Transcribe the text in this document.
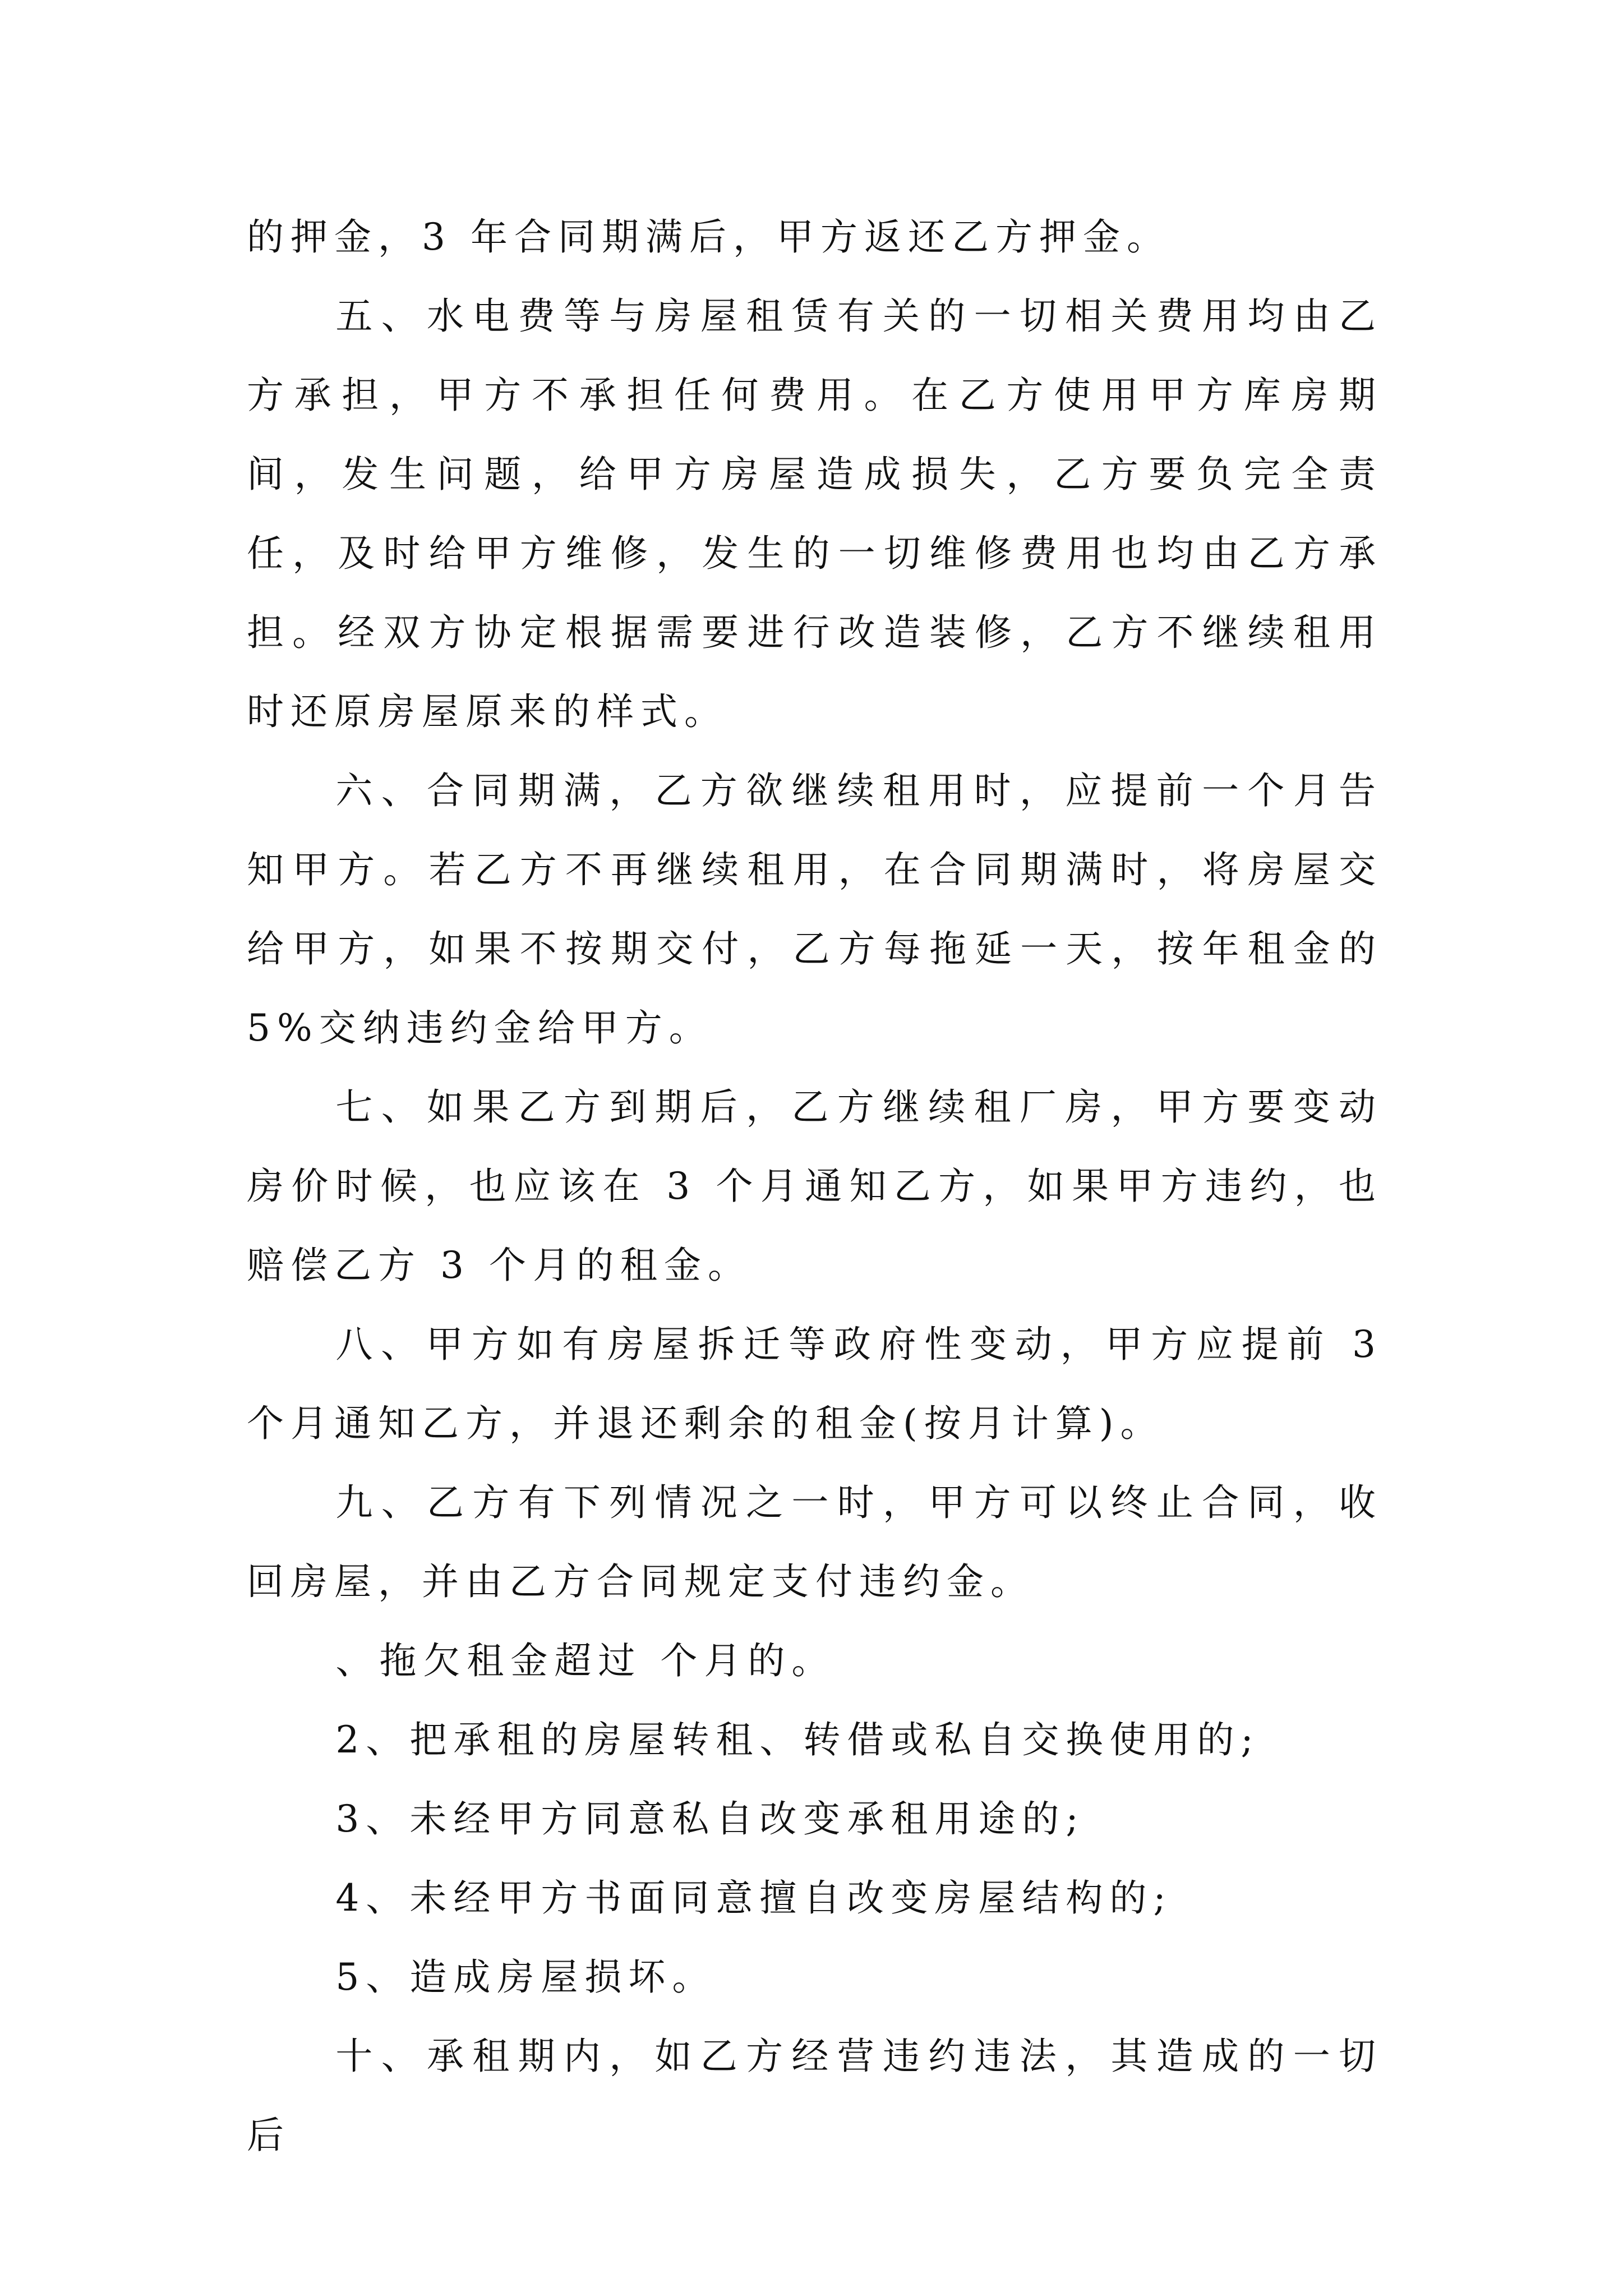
的押金，3 年合同期满后，甲方返还乙方押金。

五、水电费等与房屋租赁有关的一切相关费用均由乙方承担，甲方不承担任何费用。在乙方使用甲方库房期间，发生问题，给甲方房屋造成损失，乙方要负完全责任，及时给甲方维修，发生的一切维修费用也均由乙方承担。经双方协定根据需要进行改造装修，乙方不继续租用时还原房屋原来的样式。

六、合同期满，乙方欲继续租用时，应提前一个月告知甲方。若乙方不再继续租用，在合同期满时，将房屋交给甲方，如果不按期交付，乙方每拖延一天，按年租金的 5%交纳违约金给甲方。

七、如果乙方到期后，乙方继续租厂房，甲方要变动房价时候，也应该在 3 个月通知乙方，如果甲方违约，也赔偿乙方 3 个月的租金。

八、甲方如有房屋拆迁等政府性变动，甲方应提前 3 个月通知乙方，并退还剩余的租金(按月计算)。

九、乙方有下列情况之一时，甲方可以终止合同，收回房屋，并由乙方合同规定支付违约金。

、拖欠租金超过 个月的。

2、把承租的房屋转租、转借或私自交换使用的;

3、未经甲方同意私自改变承租用途的;

4、未经甲方书面同意擅自改变房屋结构的;

5、造成房屋损坏。

十、承租期内，如乙方经营违约违法，其造成的一切后
